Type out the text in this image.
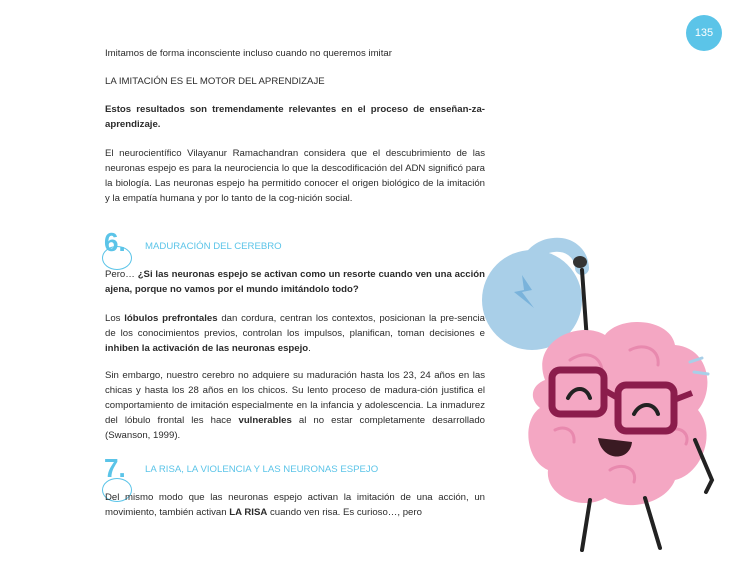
135
Imitamos de forma inconsciente incluso cuando no queremos imitar
LA IMITACIÓN ES EL MOTOR DEL APRENDIZAJE

Estos resultados son tremendamente relevantes en el proceso de enseñan-za-aprendizaje.

El neurocientífico Vilayanur Ramachandran considera que el descubrimiento de las neuronas espejo es para la neurociencia lo que la descodificación del ADN significó para la biología. Las neuronas espejo ha permitido conocer el origen biológico de la imitación y la empatía humana y por lo tanto de la cog-nición social.

6. MADURACIÓN DEL CEREBRO

Pero… ¿Si las neuronas espejo se activan como un resorte cuando ven una acción ajena, porque no vamos por el mundo imitándolo todo?

Los lóbulos prefrontales dan cordura, centran los contextos, posicionan la pre-sencia de los conocimientos previos, controlan los impulsos, planifican, toman decisiones e inhiben la activación de las neuronas espejo.

Sin embargo, nuestro cerebro no adquiere su maduración hasta los 23, 24 años en las chicas y hasta los 28 años en los chicos. Su lento proceso de madura-ción justifica el comportamiento de imitación especialmente en la infancia y adolescencia. La inmadurez del lóbulo frontal les hace vulnerables al no estar completamente desarrollado (Swanson, 1999).

7. LA RISA, LA VIOLENCIA Y LAS NEURONAS ESPEJO

Del mismo modo que las neuronas espejo activan la imitación de una acción, un movimiento, también activan LA RISA cuando ven risa. Es curioso…, pero
